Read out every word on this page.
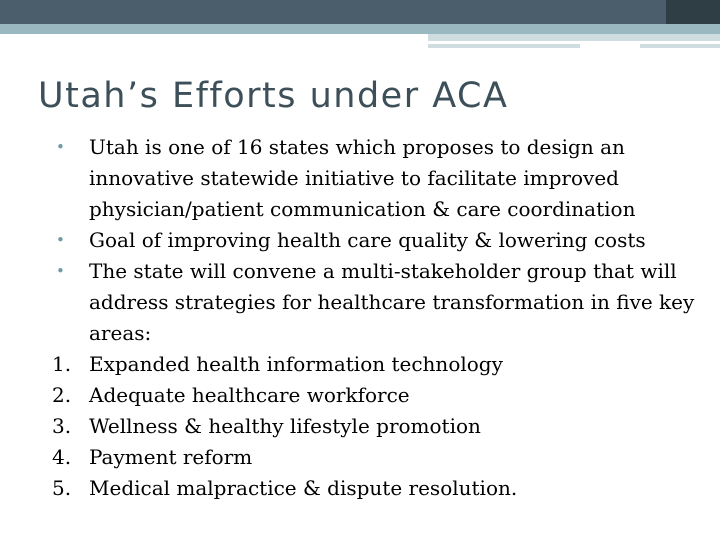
Utah’s Efforts under ACA
•	Utah is one of 16 states which proposes to design an innovative statewide initiative to facilitate improved physician/patient communication & care coordination
•	Goal of improving health care quality & lowering costs
•	The state will convene a multi-stakeholder group that will address strategies for healthcare transformation in five key areas:
1. Expanded health information technology
2. Adequate healthcare workforce
3. Wellness & healthy lifestyle promotion
4. Payment reform
5. Medical malpractice & dispute resolution.
